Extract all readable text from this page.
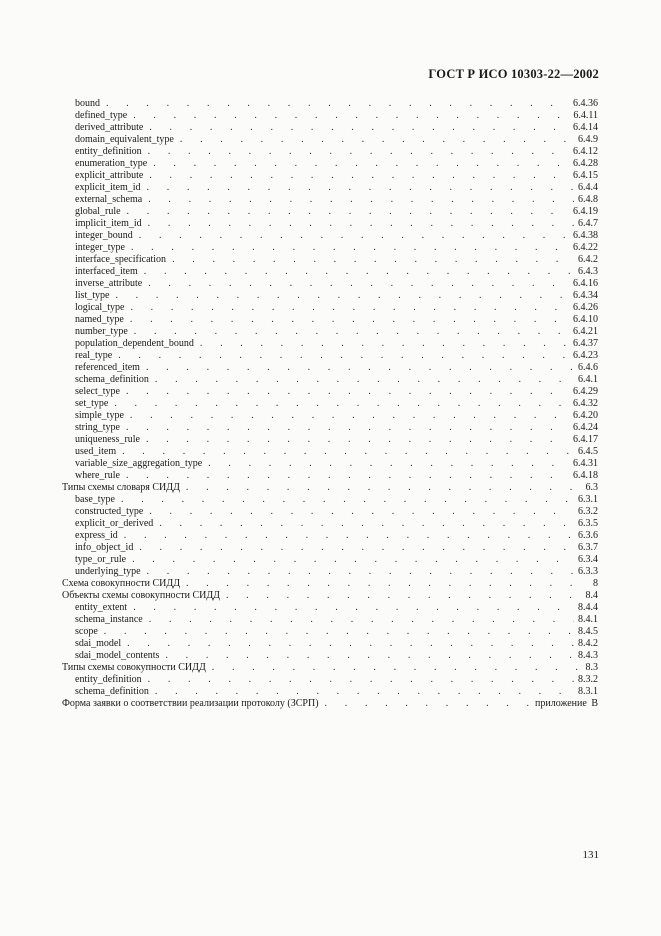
ГОСТ Р ИСО 10303-22—2002
bound . . .	6.4.36
defined_type . . .	6.4.11
derived_attribute . . .	6.4.14
domain_equivalent_type . . .	6.4.9
entity_definition . . .	6.4.12
enumeration_type . . .	6.4.28
explicit_attribute . . .	6.4.15
explicit_item_id . . .	6.4.4
external_schema . . .	6.4.8
global_rule . . .	6.4.19
implicit_item_id . . .	6.4.7
integer_bound . . .	6.4.38
integer_type . . .	6.4.22
interface_specification . . .	6.4.2
interfaced_item . . .	6.4.3
inverse_attribute . . .	6.4.16
list_type . . .	6.4.34
logical_type . . .	6.4.26
named_type . . .	6.4.10
number_type . . .	6.4.21
population_dependent_bound . . .	6.4.37
real_type . . .	6.4.23
referenced_item . . .	6.4.6
schema_definition . . .	6.4.1
select_type . . .	6.4.29
set_type . . .	6.4.32
simple_type . . .	6.4.20
string_type . . .	6.4.24
uniqueness_rule . . .	6.4.17
used_item . . .	6.4.5
variable_size_aggregation_type . . .	6.4.31
where_rule . . .	6.4.18
Типы схемы словаря СИДД . . .	6.3
base_type . . .	6.3.1
constructed_type . . .	6.3.2
explicit_or_derived . . .	6.3.5
express_id . . .	6.3.6
info_object_id . . .	6.3.7
type_or_rule . . .	6.3.4
underlying_type . . .	6.3.3
Схема совокупности СИДД . . .	8
Объекты схемы совокупности СИДД . . .	8.4
entity_extent . . .	8.4.4
schema_instance . . .	8.4.1
scope . . .	8.4.5
sdai_model . . .	8.4.2
sdai_model_contents . . .	8.4.3
Типы схемы совокупности СИДД . . .	8.3
entity_definition . . .	8.3.2
schema_definition . . .	8.3.1
Форма заявки о соответствии реализации протоколу (ЗСРП) . . .	приложение В
131
